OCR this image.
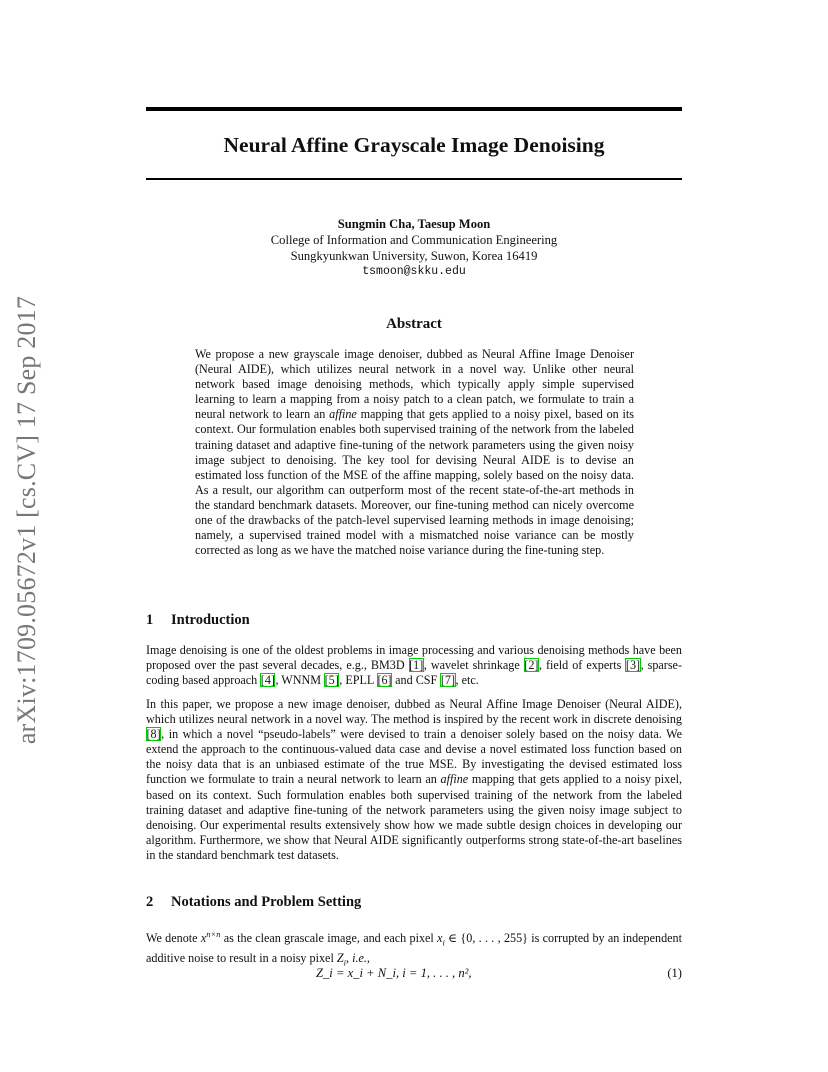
arXiv:1709.05672v1 [cs.CV] 17 Sep 2017
Neural Affine Grayscale Image Denoising
Sungmin Cha, Taesup Moon
College of Information and Communication Engineering
Sungkyunkwan University, Suwon, Korea 16419
tsmoon@skku.edu
Abstract
We propose a new grayscale image denoiser, dubbed as Neural Affine Image Denoiser (Neural AIDE), which utilizes neural network in a novel way. Unlike other neural network based image denoising methods, which typically apply simple supervised learning to learn a mapping from a noisy patch to a clean patch, we formulate to train a neural network to learn an affine mapping that gets applied to a noisy pixel, based on its context. Our formulation enables both supervised training of the network from the labeled training dataset and adaptive fine-tuning of the network parameters using the given noisy image subject to denoising. The key tool for devising Neural AIDE is to devise an estimated loss function of the MSE of the affine mapping, solely based on the noisy data. As a result, our algorithm can outperform most of the recent state-of-the-art methods in the standard benchmark datasets. Moreover, our fine-tuning method can nicely overcome one of the drawbacks of the patch-level supervised learning methods in image denoising; namely, a supervised trained model with a mismatched noise variance can be mostly corrected as long as we have the matched noise variance during the fine-tuning step.
1 Introduction
Image denoising is one of the oldest problems in image processing and various denoising methods have been proposed over the past several decades, e.g., BM3D [1], wavelet shrinkage [2], field of experts [3], sparse-coding based approach [4], WNNM [5], EPLL [6] and CSF [7], etc.
In this paper, we propose a new image denoiser, dubbed as Neural Affine Image Denoiser (Neural AIDE), which utilizes neural network in a novel way. The method is inspired by the recent work in discrete denoising [8], in which a novel “pseudo-labels” were devised to train a denoiser solely based on the noisy data. We extend the approach to the continuous-valued data case and devise a novel estimated loss function based on the noisy data that is an unbiased estimate of the true MSE. By investigating the devised estimated loss function we formulate to train a neural network to learn an affine mapping that gets applied to a noisy pixel, based on its context. Such formulation enables both supervised training of the network from the labeled training dataset and adaptive fine-tuning of the network parameters using the given noisy image subject to denoising. Our experimental results extensively show how we made subtle design choices in developing our algorithm. Furthermore, we show that Neural AIDE significantly outperforms strong state-of-the-art baselines in the standard benchmark test datasets.
2 Notations and Problem Setting
We denote $x^{n\times n}$ as the clean grascale image, and each pixel $x_i$ ∈ {0, . . . , 255} is corrupted by an independent additive noise to result in a noisy pixel $Z_i$, i.e.,
Z_i = x_i + N_i, i = 1, . . . , n²,	(1)
